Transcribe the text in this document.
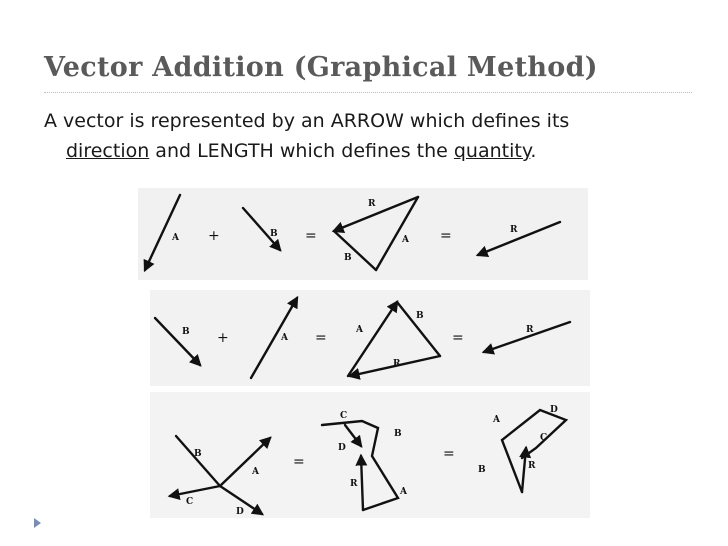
Vector Addition (Graphical Method)

A vector is represented by an ARROW which defines its
direction and LENGTH which defines the quantity.

A +	B =
R
A
B
=	R
B +	A =
B
A
R
=	R
B
A
C
D
=
C
D
B
R
A
=
A
D
C
B	R
